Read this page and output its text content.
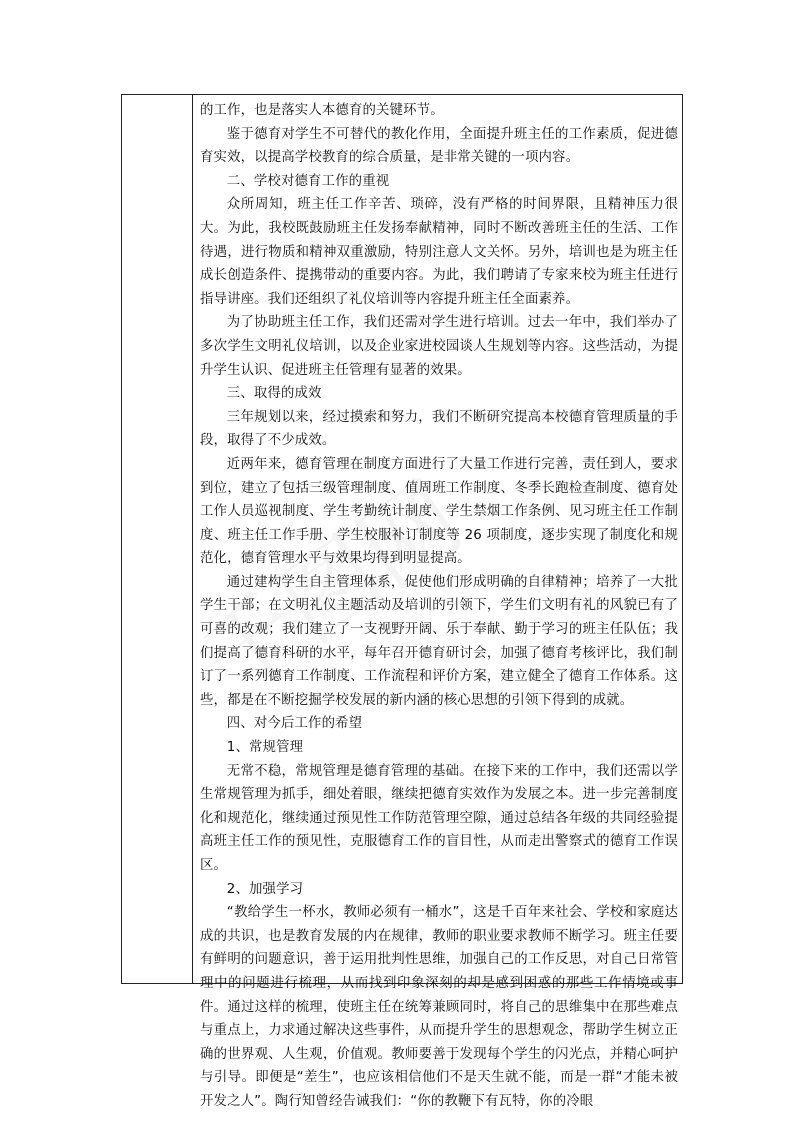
的工作，也是落实人本德育的关键环节。

鉴于德育对学生不可替代的教化作用，全面提升班主任的工作素质，促进德育实效，以提高学校教育的综合质量，是非常关键的一项内容。

二、学校对德育工作的重视

众所周知，班主任工作辛苦、琐碎，没有严格的时间界限，且精神压力很大。为此，我校既鼓励班主任发扬奉献精神，同时不断改善班主任的生活、工作待遇，进行物质和精神双重激励，特别注意人文关怀。另外，培训也是为班主任成长创造条件、提携带动的重要内容。为此，我们聘请了专家来校为班主任进行指导讲座。我们还组织了礼仪培训等内容提升班主任全面素养。

为了协助班主任工作，我们还需对学生进行培训。过去一年中，我们举办了多次学生文明礼仪培训，以及企业家进校园谈人生规划等内容。这些活动，为提升学生认识、促进班主任管理有显著的效果。

三、取得的成效

三年规划以来，经过摸索和努力，我们不断研究提高本校德育管理质量的手段，取得了不少成效。

近两年来，德育管理在制度方面进行了大量工作进行完善，责任到人，要求到位，建立了包括三级管理制度、值周班工作制度、冬季长跑检查制度、德育处工作人员巡视制度、学生考勤统计制度、学生禁烟工作条例、见习班主任工作制度、班主任工作手册、学生校服补订制度等 26 项制度，逐步实现了制度化和规范化，德育管理水平与效果均得到明显提高。

通过建构学生自主管理体系，促使他们形成明确的自律精神；培养了一大批学生干部；在文明礼仪主题活动及培训的引领下，学生们文明有礼的风貌已有了可喜的改观；我们建立了一支视野开阔、乐于奉献、勤于学习的班主任队伍；我们提高了德育科研的水平，每年召开德育研讨会，加强了德育考核评比，我们制订了一系列德育工作制度、工作流程和评价方案，建立健全了德育工作体系。这些，都是在不断挖掘学校发展的新内涵的核心思想的引领下得到的成就。

四、对今后工作的希望

1、常规管理

无常不稳，常规管理是德育管理的基础。在接下来的工作中，我们还需以学生常规管理为抓手，细处着眼，继续把德育实效作为发展之本。进一步完善制度化和规范化，继续通过预见性工作防范管理空隙，通过总结各年级的共同经验提高班主任工作的预见性，克服德育工作的盲目性，从而走出警察式的德育工作误区。

2、加强学习

“教给学生一杯水，教师必须有一桶水”，这是千百年来社会、学校和家庭达成的共识，也是教育发展的内在规律，教师的职业要求教师不断学习。班主任要有鲜明的问题意识，善于运用批判性思维，加强自己的工作反思，对自己日常管理中的问题进行梳理，从而找到印象深刻的却是感到困惑的那些工作情境或事件。通过这样的梳理，使班主任在统筹兼顾同时，将自己的思维集中在那些难点与重点上，力求通过解决这些事件，从而提升学生的思想观念，帮助学生树立正确的世界观、人生观，价值观。教师要善于发现每个学生的闪光点，并精心呵护与引导。即便是“差生”，也应该相信他们不是天生就不能，而是一群“才能未被开发之人”。陶行知曾经告诫我们：“你的教鞭下有瓦特，你的冷眼
